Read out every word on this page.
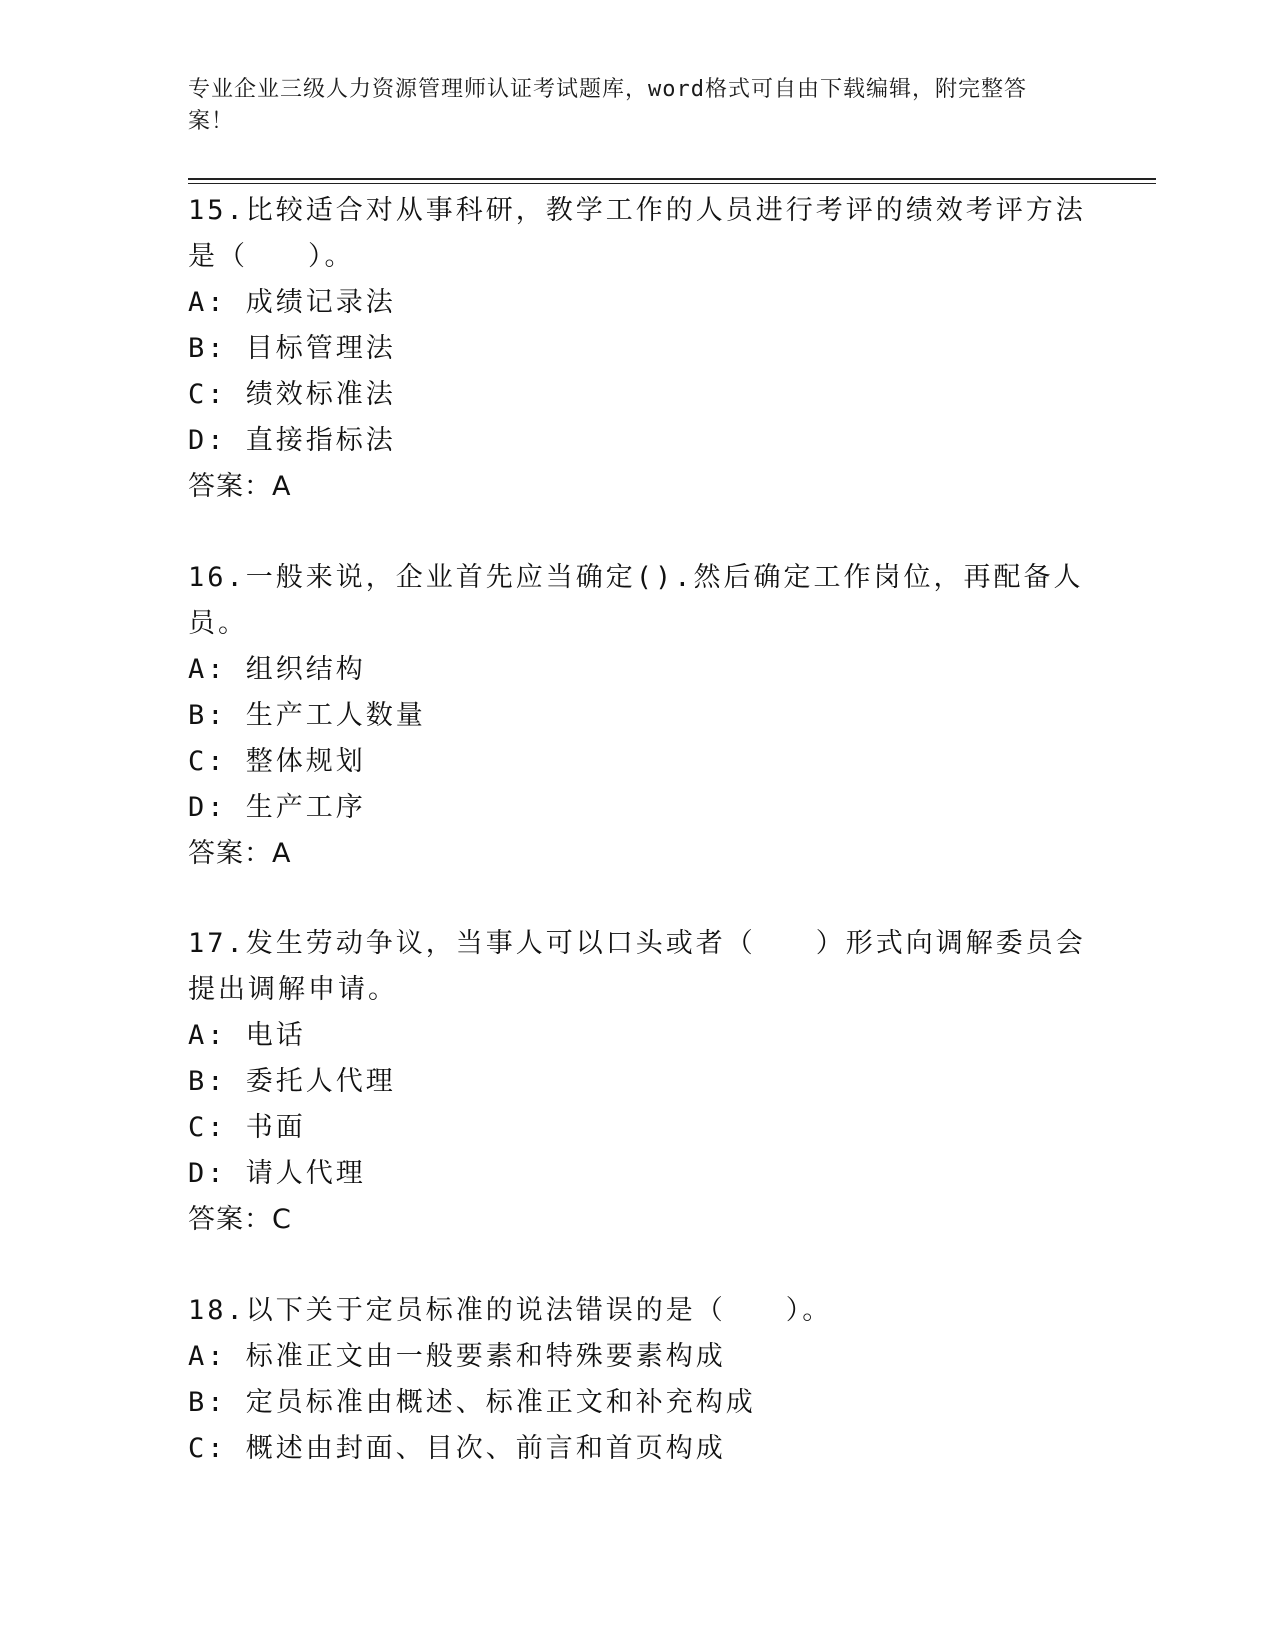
专业企业三级人力资源管理师认证考试题库，word格式可自由下载编辑，附完整答案！

15.比较适合对从事科研，教学工作的人员进行考评的绩效考评方法是（　　）。

A: 成绩记录法

B: 目标管理法

C: 绩效标准法

D: 直接指标法

答案：A

16.一般来说，企业首先应当确定().然后确定工作岗位，再配备人员。

A: 组织结构

B: 生产工人数量

C: 整体规划

D: 生产工序

答案：A

17.发生劳动争议，当事人可以口头或者（　　）形式向调解委员会提出调解申请。

A: 电话

B: 委托人代理

C: 书面

D: 请人代理

答案：C

18.以下关于定员标准的说法错误的是（　　）。

A: 标准正文由一般要素和特殊要素构成

B: 定员标准由概述、标准正文和补充构成

C: 概述由封面、目次、前言和首页构成
